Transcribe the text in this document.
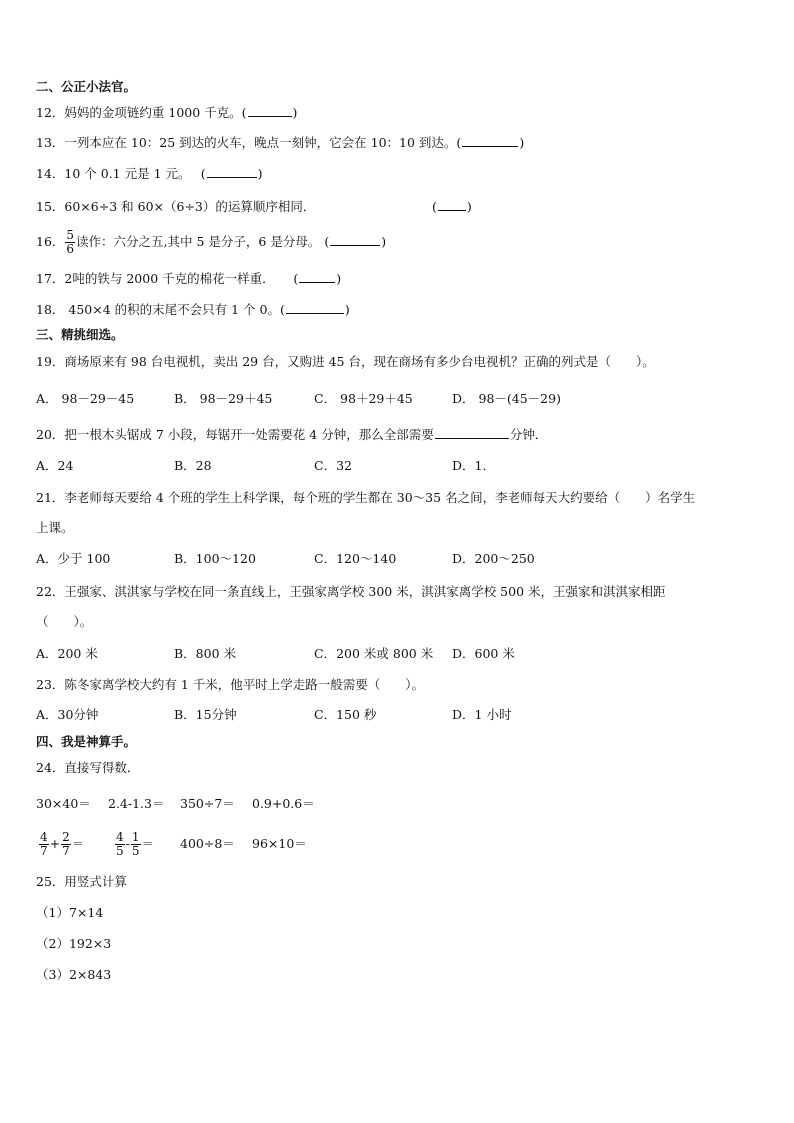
二、公正小法官。
12．妈妈的金项链约重 1000 千克。(	)
13．一列本应在 10：25 到达的火车，晚点一刻钟，它会在 10：10 到达。(	)
14．10 个 0.1 元是 1 元。　 (	)
15．60×6÷3 和 60×（6÷3）的运算顺序相同．	( )
16． $\frac{5}{6}$ 读作：六分之五,其中 5 是分子，6 是分母。 (	)
17．2吨的铁与 2000 千克的棉花一样重．　　(	)
18． 450×4 的积的末尾不会只有 1 个 0。(	)
三、精挑细选。
19．商场原来有 98 台电视机，卖出 29 台，又购进 45 台，现在商场有多少台电视机？正确的列式是（　　）。
A． 98－29－45	B． 98－29＋45	C． 98＋29＋45	D． 98－(45－29)
20．把一根木头锯成 7 小段，每锯开一处需要花 4 分钟，那么全部需要	分钟．
A．24	B．28	C．32	D．1．
21．李老师每天要给 4 个班的学生上科学课，每个班的学生都在 30～35 名之间，李老师每天大约要给（　　）名学生
上课。
A．少于 100	B．100～120	C．120～140	D．200～250
22．王强家、淇淇家与学校在同一条直线上，王强家离学校 300 米，淇淇家离学校 500 米，王强家和淇淇家相距
（　　）。
A．200 米	B．800 米	C．200 米或 800 米 D．600 米
23．陈冬家离学校大约有 1 千米，他平时上学走路一般需要（　　）。
A．30分钟	B．15分钟	C．150 秒	D．1 小时
四、我是神算手。
24．直接写得数．
30×40＝ 2.4-1.3＝ 350÷7＝ 0.9+0.6＝
$\frac{4}{7} + \frac{2}{7}$ ＝	$\frac{4}{5} - \frac{1}{5} = 400\div 8= 96\times 10=$
25．用竖式计算
（1）7×14
（2）192×3
（3）2×843
